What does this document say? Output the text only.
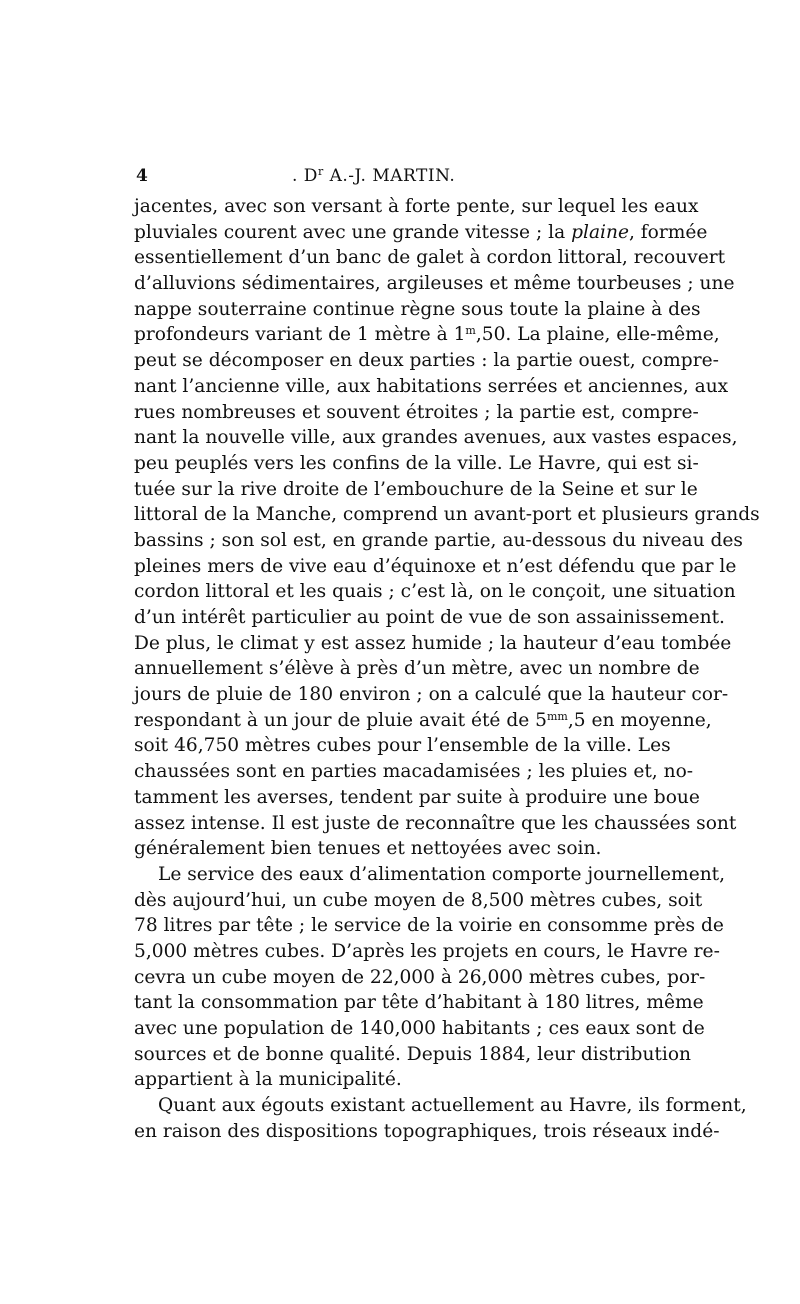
4	. $D^r$ A.-J. MARTIN.
jacentes, avec son versant à forte pente, sur lequel les eaux
pluviales courent avec une grande vitesse ; la plaine, formée
essentiellement d’un banc de galet à cordon littoral, recouvert
d’alluvions sédimentaires, argileuses et même tourbeuses ; une
nappe souterraine continue règne sous toute la plaine à des
profondeurs variant de 1 mètre à 1$^m$,50. La plaine, elle-même,
peut se décomposer en deux parties : la partie ouest, compre-
nant l’ancienne ville, aux habitations serrées et anciennes, aux
rues nombreuses et souvent étroites ; la partie est, compre-
nant la nouvelle ville, aux grandes avenues, aux vastes espaces,
peu peuplés vers les confins de la ville. Le Havre, qui est si-
tuée sur la rive droite de l’embouchure de la Seine et sur le
littoral de la Manche, comprend un avant-port et plusieurs grands
bassins ; son sol est, en grande partie, au-dessous du niveau des
pleines mers de vive eau d’équinoxe et n’est défendu que par le
cordon littoral et les quais ; c’est là, on le conçoit, une situation
d’un intérêt particulier au point de vue de son assainissement.
De plus, le climat y est assez humide ; la hauteur d’eau tombée
annuellement s’élève à près d’un mètre, avec un nombre de
jours de pluie de 180 environ ; on a calculé que la hauteur cor-
respondant à un jour de pluie avait été de $5^{mm},5$ en moyenne,
soit 46,750 mètres cubes pour l’ensemble de la ville. Les
chaussées sont en parties macadamisées ; les pluies et, no-
tamment les averses, tendent par suite à produire une boue
assez intense. Il est juste de reconnaître que les chaussées sont
généralement bien tenues et nettoyées avec soin.
Le service des eaux d’alimentation comporte journellement,
dès aujourd’hui, un cube moyen de 8,500 mètres cubes, soit
78 litres par tête ; le service de la voirie en consomme près de
5,000 mètres cubes. D’après les projets en cours, le Havre re-
cevra un cube moyen de 22,000 à 26,000 mètres cubes, por-
tant la consommation par tête d’habitant à 180 litres, même
avec une population de 140,000 habitants ; ces eaux sont de
sources et de bonne qualité. Depuis 1884, leur distribution
appartient à la municipalité.
Quant aux égouts existant actuellement au Havre, ils forment,
en raison des dispositions topographiques, trois réseaux indé-
